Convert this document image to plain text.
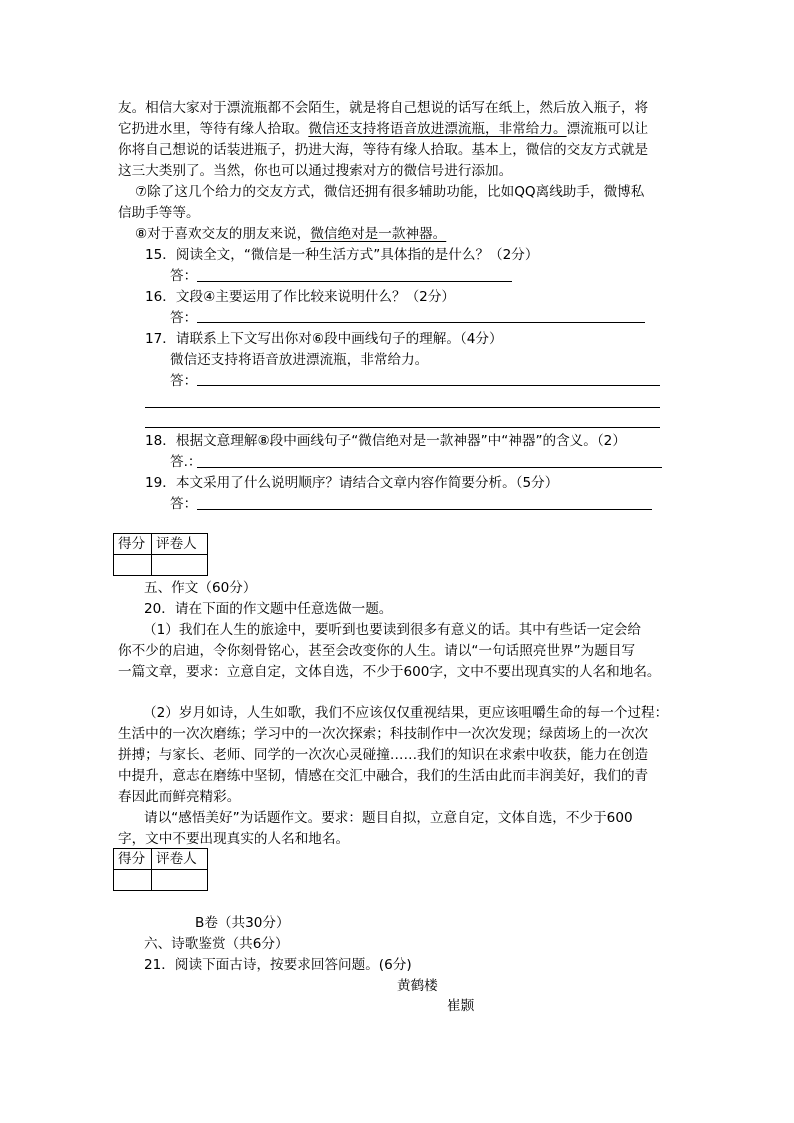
友。相信大家对于漂流瓶都不会陌生，就是将自己想说的话写在纸上，然后放入瓶子，将
它扔进水里，等待有缘人拾取。微信还支持将语音放进漂流瓶，非常给力。漂流瓶可以让
你将自己想说的话装进瓶子，扔进大海，等待有缘人拾取。基本上，微信的交友方式就是
这三大类别了。当然，你也可以通过搜索对方的微信号进行添加。
⑦除了这几个给力的交友方式，微信还拥有很多辅助功能，比如QQ离线助手，微博私
信助手等等。
⑧对于喜欢交友的朋友来说，微信绝对是一款神器。
15．阅读全文，“微信是一种生活方式”具体指的是什么？（2分）
答：
16．文段④主要运用了作比较来说明什么？（2分）
答：
17．请联系上下文写出你对⑥段中画线句子的理解。（4分）
微信还支持将语音放进漂流瓶，非常给力。
答：
18．根据文意理解⑧段中画线句子“微信绝对是一款神器”中“神器”的含义。（2）
答.：
19．本文采用了什么说明顺序？请结合文章内容作简要分析。（5分）
答：
得分	评卷人

五、作文（60分）
20．请在下面的作文题中任意选做一题。
（1）我们在人生的旅途中，要听到也要读到很多有意义的话。其中有些话一定会给
你不少的启迪，令你刻骨铭心，甚至会改变你的人生。请以“一句话照亮世界”为题目写
一篇文章，要求：立意自定，文体自选，不少于600字，文中不要出现真实的人名和地名。
（2）岁月如诗，人生如歌，我们不应该仅仅重视结果，更应该咀嚼生命的每一个过程：
生活中的一次次磨练；学习中的一次次探索；科技制作中一次次发现；绿茵场上的一次次
拼搏；与家长、老师、同学的一次次心灵碰撞……我们的知识在求索中收获，能力在创造
中提升，意志在磨练中坚韧，情感在交汇中融合，我们的生活由此而丰润美好，我们的青
春因此而鲜亮精彩。
请以“感悟美好”为话题作文。要求：题目自拟，立意自定，文体自选，不少于600
字，文中不要出现真实的人名和地名。
得分	评卷人

B卷（共30分）
六、诗歌鉴赏（共6分）
21．阅读下面古诗，按要求回答问题。(6分)
黄鹤楼
崔颢
